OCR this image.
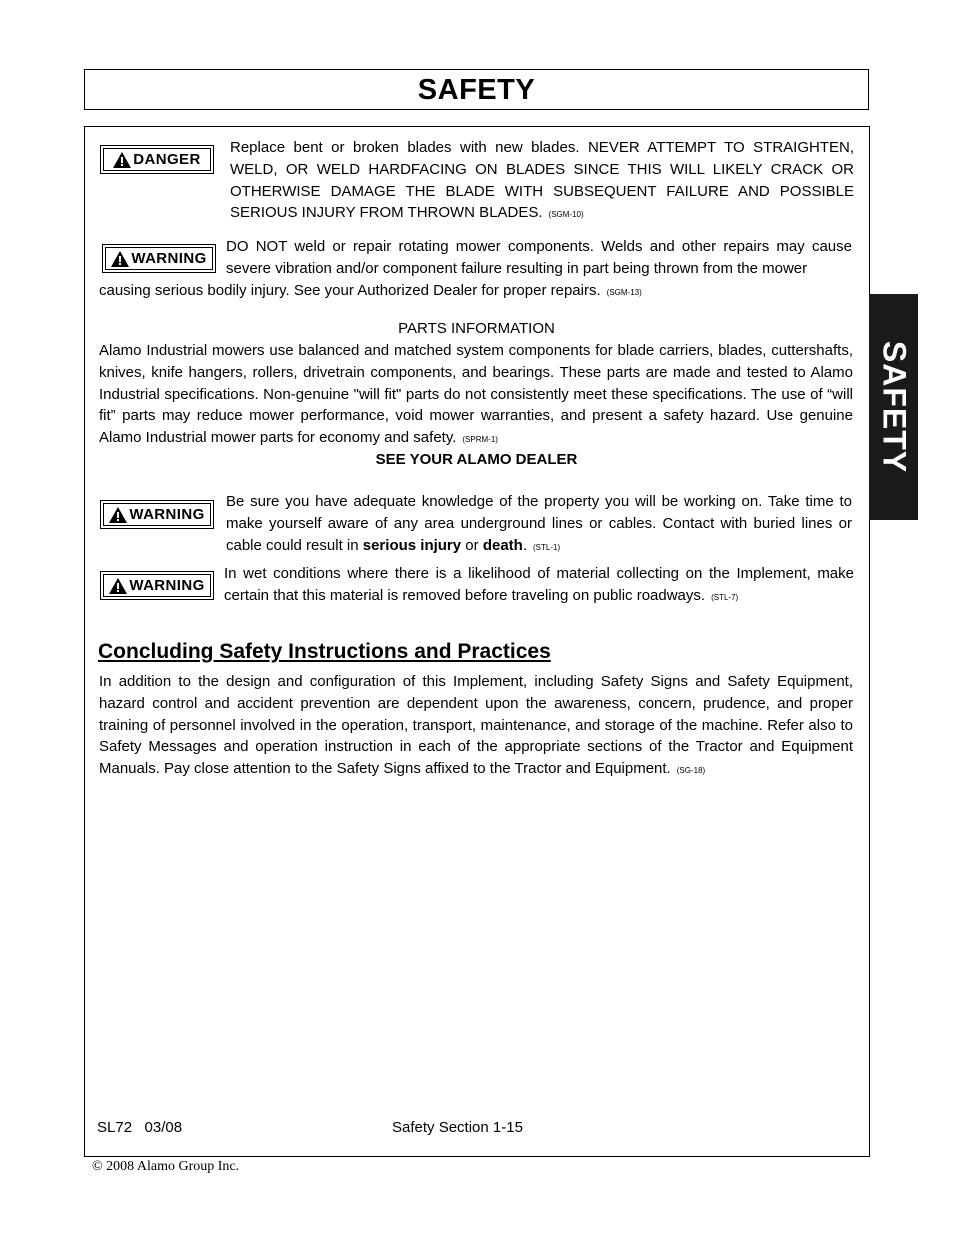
SAFETY
SAFETY
DANGER
Replace bent or broken blades with new blades. NEVER ATTEMPT TO STRAIGHTEN, WELD, OR WELD HARDFACING ON BLADES SINCE THIS WILL LIKELY CRACK OR OTHERWISE DAMAGE THE BLADE WITH SUBSEQUENT FAILURE AND POSSIBLE SERIOUS INJURY FROM THROWN BLADES. (SGM-10)
WARNING
DO NOT weld or repair rotating mower components. Welds and other repairs may cause severe vibration and/or component failure resulting in part being thrown from the mower
causing serious bodily injury. See your Authorized Dealer for proper repairs. (SGM-13)
PARTS INFORMATION
Alamo Industrial mowers use balanced and matched system components for blade carriers, blades, cuttershafts, knives, knife hangers, rollers, drivetrain components, and bearings. These parts are made and tested to Alamo Industrial specifications. Non-genuine "will fit" parts do not consistently meet these specifications. The use of “will fit” parts may reduce mower performance, void mower warranties, and present a safety hazard. Use genuine Alamo Industrial mower parts for economy and safety. (SPRM-1)
SEE YOUR ALAMO DEALER
WARNING
Be sure you have adequate knowledge of the property you will be working on. Take time to make yourself aware of any area underground lines or cables. Contact with buried lines or cable could result in serious injury or death. (STL-1)
WARNING
In wet conditions where there is a likelihood of material collecting on the Implement, make certain that this material is removed before traveling on public roadways. (STL-7)
Concluding Safety Instructions and Practices
In addition to the design and configuration of this Implement, including Safety Signs and Safety Equipment, hazard control and accident prevention are dependent upon the awareness, concern, prudence, and proper training of personnel involved in the operation, transport, maintenance, and storage of the machine. Refer also to Safety Messages and operation instruction in each of the appropriate sections of the Tractor and Equipment Manuals. Pay close attention to the Safety Signs affixed to the Tractor and Equipment. (SG-18)
SL72   03/08	Safety Section 1-15
© 2008 Alamo Group Inc.
